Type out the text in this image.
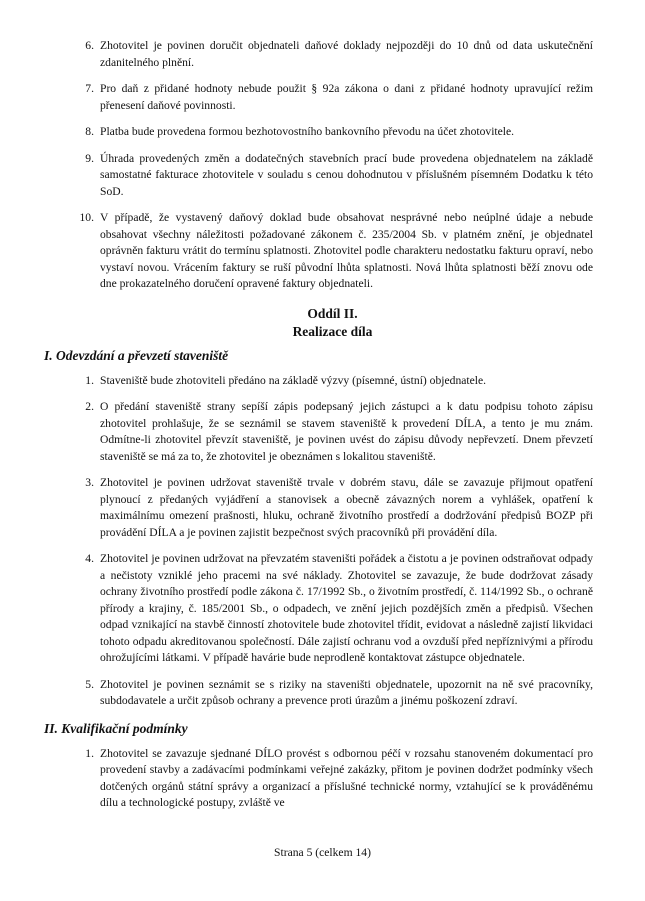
6. Zhotovitel je povinen doručit objednateli daňové doklady nejpozději do 10 dnů od data uskutečnění zdanitelného plnění.
7. Pro daň z přidané hodnoty nebude použit § 92a zákona o dani z přidané hodnoty upravující režim přenesení daňové povinnosti.
8. Platba bude provedena formou bezhotovostního bankovního převodu na účet zhotovitele.
9. Úhrada provedených změn a dodatečných stavebních prací bude provedena objednatelem na základě samostatné fakturace zhotovitele v souladu s cenou dohodnutou v příslušném písemném Dodatku k této SoD.
10. V případě, že vystavený daňový doklad bude obsahovat nesprávné nebo neúplné údaje a nebude obsahovat všechny náležitosti požadované zákonem č. 235/2004 Sb. v platném znění, je objednatel oprávněn fakturu vrátit do termínu splatnosti. Zhotovitel podle charakteru nedostatku fakturu opraví, nebo vystaví novou. Vrácením faktury se ruší původní lhůta splatnosti. Nová lhůta splatnosti běží znovu ode dne prokazatelného doručení opravené faktury objednateli.
Oddíl II.
Realizace díla
I. Odevzdání a převzetí staveniště
1. Staveniště bude zhotoviteli předáno na základě výzvy (písemné, ústní) objednatele.
2. O předání staveniště strany sepíší zápis podepsaný jejich zástupci a k datu podpisu tohoto zápisu zhotovitel prohlašuje, že se seznámil se stavem staveniště k provedení DÍLA, a tento je mu znám. Odmítne-li zhotovitel převzít staveniště, je povinen uvést do zápisu důvody nepřevzetí. Dnem převzetí staveniště se má za to, že zhotovitel je obeznámen s lokalitou staveniště.
3. Zhotovitel je povinen udržovat staveniště trvale v dobrém stavu, dále se zavazuje přijmout opatření plynoucí z předaných vyjádření a stanovisek a obecně závazných norem a vyhlášek, opatření k maximálnímu omezení prašnosti, hluku, ochraně životního prostředí a dodržování předpisů BOZP při provádění DÍLA a je povinen zajistit bezpečnost svých pracovníků při provádění díla.
4. Zhotovitel je povinen udržovat na převzatém staveništi pořádek a čistotu a je povinen odstraňovat odpady a nečistoty vzniklé jeho pracemi na své náklady. Zhotovitel se zavazuje, že bude dodržovat zásady ochrany životního prostředí podle zákona č. 17/1992 Sb., o životním prostředí, č. 114/1992 Sb., o ochraně přírody a krajiny, č. 185/2001 Sb., o odpadech, ve znění jejich pozdějších změn a předpisů. Všechen odpad vznikající na stavbě činností zhotovitele bude zhotovitel třídit, evidovat a následně zajistí likvidaci tohoto odpadu akreditovanou společností. Dále zajistí ochranu vod a ovzduší před nepříznivými a přírodu ohrožujícími látkami. V případě havárie bude neprodleně kontaktovat zástupce objednatele.
5. Zhotovitel je povinen seznámit se s riziky na staveništi objednatele, upozornit na ně své pracovníky, subdodavatele a určit způsob ochrany a prevence proti úrazům a jinému poškození zdraví.
II. Kvalifikační podmínky
1. Zhotovitel se zavazuje sjednané DÍLO provést s odbornou péčí v rozsahu stanoveném dokumentací pro provedení stavby a zadávacími podmínkami veřejné zakázky, přitom je povinen dodržet podmínky všech dotčených orgánů státní správy a organizací a příslušné technické normy, vztahující se k prováděnému dílu a technologické postupy, zvláště ve
Strana 5 (celkem 14)
